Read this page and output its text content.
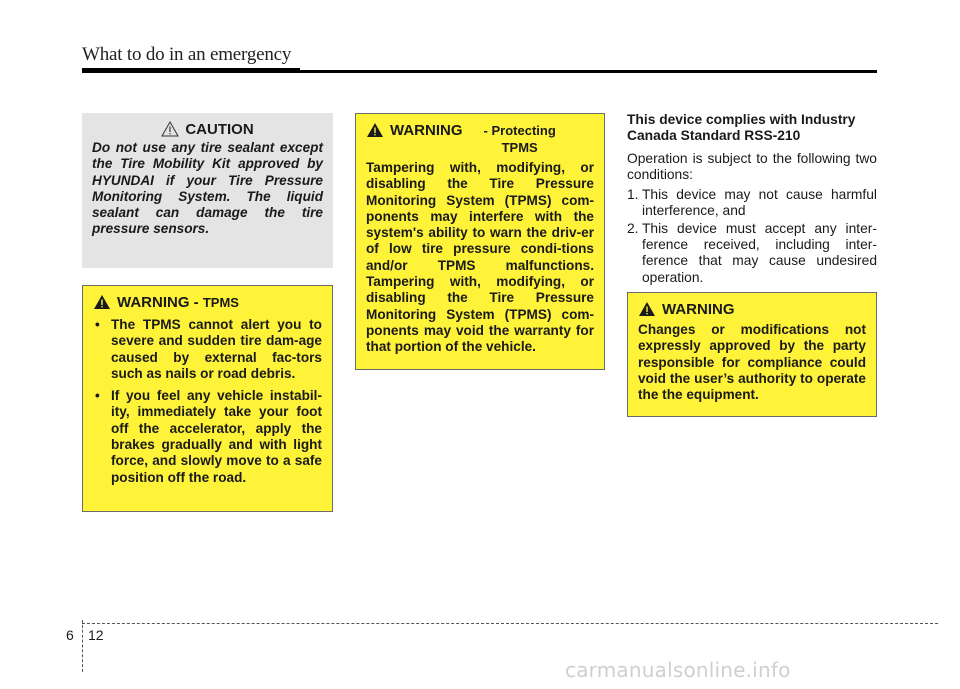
What to do in an emergency
CAUTION
Do not use any tire sealant except the Tire Mobility Kit approved by HYUNDAI if your Tire Pressure Monitoring System. The liquid sealant can damage the tire pressure sensors.
WARNING - TPMS
• The TPMS cannot alert you to severe and sudden tire dam-age caused by external fac-tors such as nails or road debris.
• If you feel any vehicle instabil-ity, immediately take your foot off the accelerator, apply the brakes gradually and with light force, and slowly move to a safe position off the road.
WARNING - Protecting TPMS
Tampering with, modifying, or disabling the Tire Pressure Monitoring System (TPMS) com-ponents may interfere with the system's ability to warn the driv-er of low tire pressure condi-tions and/or TPMS malfunctions. Tampering with, modifying, or disabling the Tire Pressure Monitoring System (TPMS) com-ponents may void the warranty for that portion of the vehicle.
This device complies with Industry Canada Standard RSS-210
Operation is subject to the following two conditions:
1. This device may not cause harmful interference, and
2. This device must accept any inter-ference received, including inter-ference that may cause undesired operation.
WARNING
Changes or modifications not expressly approved by the party responsible for compliance could void the user’s authority to operate the the equipment.
6 12
carmanualsonline.info
